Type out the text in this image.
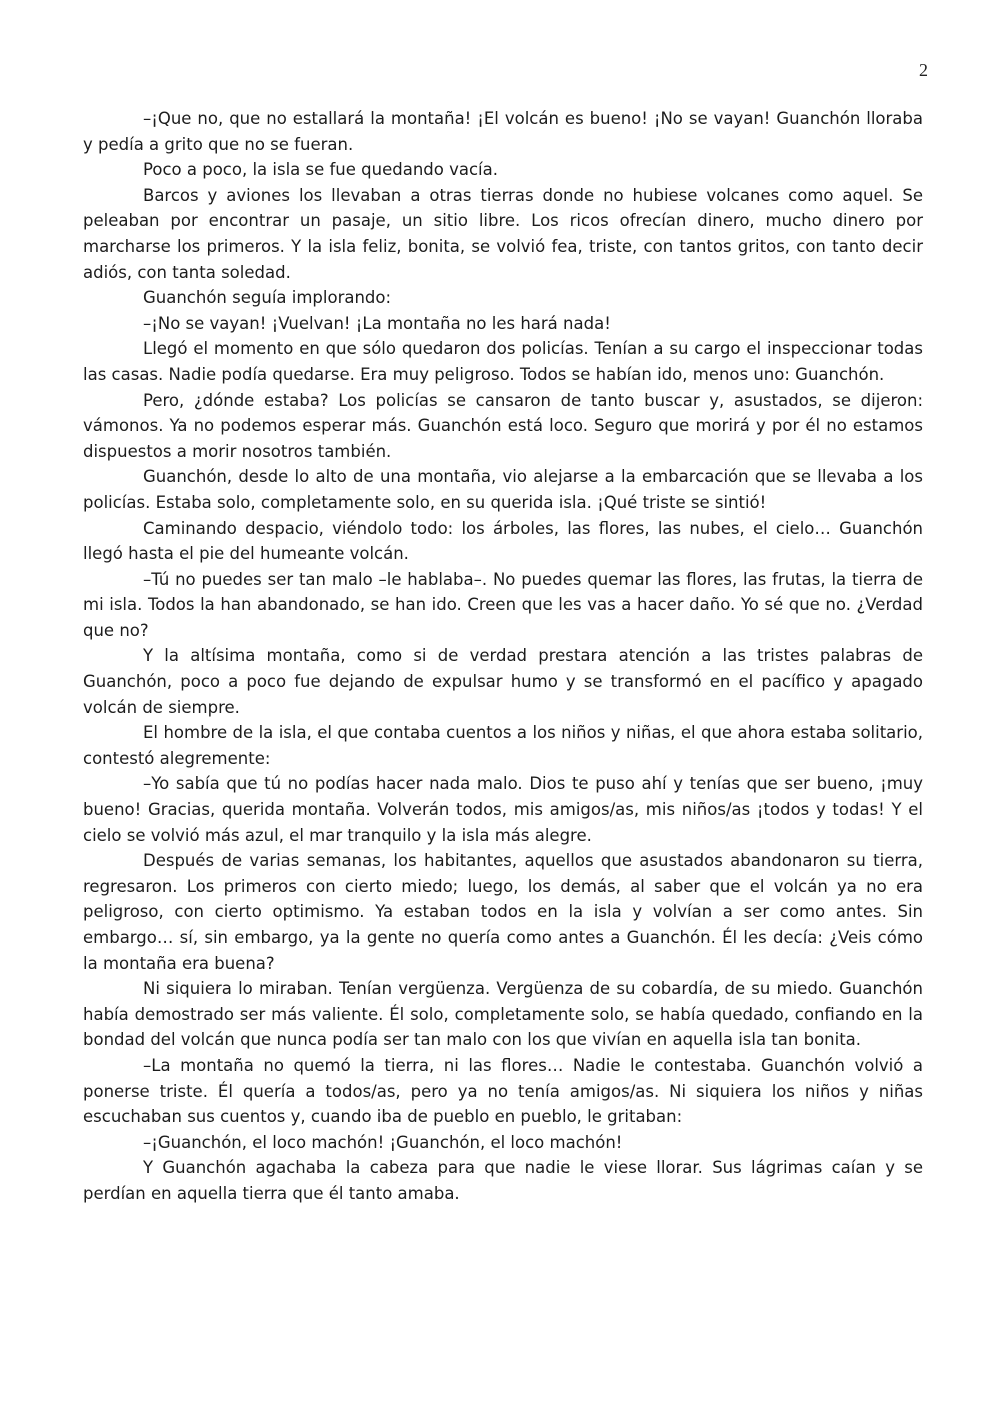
2

–¡Que no, que no estallará la montaña! ¡El volcán es bueno! ¡No se vayan! Guanchón lloraba y pedía a grito que no se fueran.

Poco a poco, la isla se fue quedando vacía.

Barcos y aviones los llevaban a otras tierras donde no hubiese volcanes como aquel. Se peleaban por encontrar un pasaje, un sitio libre. Los ricos ofrecían dinero, mucho dinero por marcharse los primeros. Y la isla feliz, bonita, se volvió fea, triste, con tantos gritos, con tanto decir adiós, con tanta soledad.

Guanchón seguía implorando:

–¡No se vayan! ¡Vuelvan! ¡La montaña no les hará nada!

Llegó el momento en que sólo quedaron dos policías. Tenían a su cargo el inspeccionar todas las casas. Nadie podía quedarse. Era muy peligroso. Todos se habían ido, menos uno: Guanchón.

Pero, ¿dónde estaba? Los policías se cansaron de tanto buscar y, asustados, se dijeron: vámonos. Ya no podemos esperar más. Guanchón está loco. Seguro que morirá y por él no estamos dispuestos a morir nosotros también.

Guanchón, desde lo alto de una montaña, vio alejarse a la embarcación que se llevaba a los policías. Estaba solo, completamente solo, en su querida isla. ¡Qué triste se sintió!

Caminando despacio, viéndolo todo: los árboles, las flores, las nubes, el cielo… Guanchón llegó hasta el pie del humeante volcán.

–Tú no puedes ser tan malo –le hablaba–. No puedes quemar las flores, las frutas, la tierra de mi isla. Todos la han abandonado, se han ido. Creen que les vas a hacer daño. Yo sé que no. ¿Verdad que no?

Y la altísima montaña, como si de verdad prestara atención a las tristes palabras de Guanchón, poco a poco fue dejando de expulsar humo y se transformó en el pacífico y apagado volcán de siempre.

El hombre de la isla, el que contaba cuentos a los niños y niñas, el que ahora estaba solitario, contestó alegremente:

–Yo sabía que tú no podías hacer nada malo. Dios te puso ahí y tenías que ser bueno, ¡muy bueno! Gracias, querida montaña. Volverán todos, mis amigos/as, mis niños/as ¡todos y todas! Y el cielo se volvió más azul, el mar tranquilo y la isla más alegre.

Después de varias semanas, los habitantes, aquellos que asustados abandonaron su tierra, regresaron. Los primeros con cierto miedo; luego, los demás, al saber que el volcán ya no era peligroso, con cierto optimismo. Ya estaban todos en la isla y volvían a ser como antes. Sin embargo… sí, sin embargo, ya la gente no quería como antes a Guanchón. Él les decía: ¿Veis cómo la montaña era buena?

Ni siquiera lo miraban. Tenían vergüenza. Vergüenza de su cobardía, de su miedo. Guanchón había demostrado ser más valiente. Él solo, completamente solo, se había quedado, confiando en la bondad del volcán que nunca podía ser tan malo con los que vivían en aquella isla tan bonita.

–La montaña no quemó la tierra, ni las flores… Nadie le contestaba. Guanchón volvió a ponerse triste. Él quería a todos/as, pero ya no tenía amigos/as. Ni siquiera los niños y niñas escuchaban sus cuentos y, cuando iba de pueblo en pueblo, le gritaban:

–¡Guanchón, el loco machón! ¡Guanchón, el loco machón!

Y Guanchón agachaba la cabeza para que nadie le viese llorar. Sus lágrimas caían y se perdían en aquella tierra que él tanto amaba.
